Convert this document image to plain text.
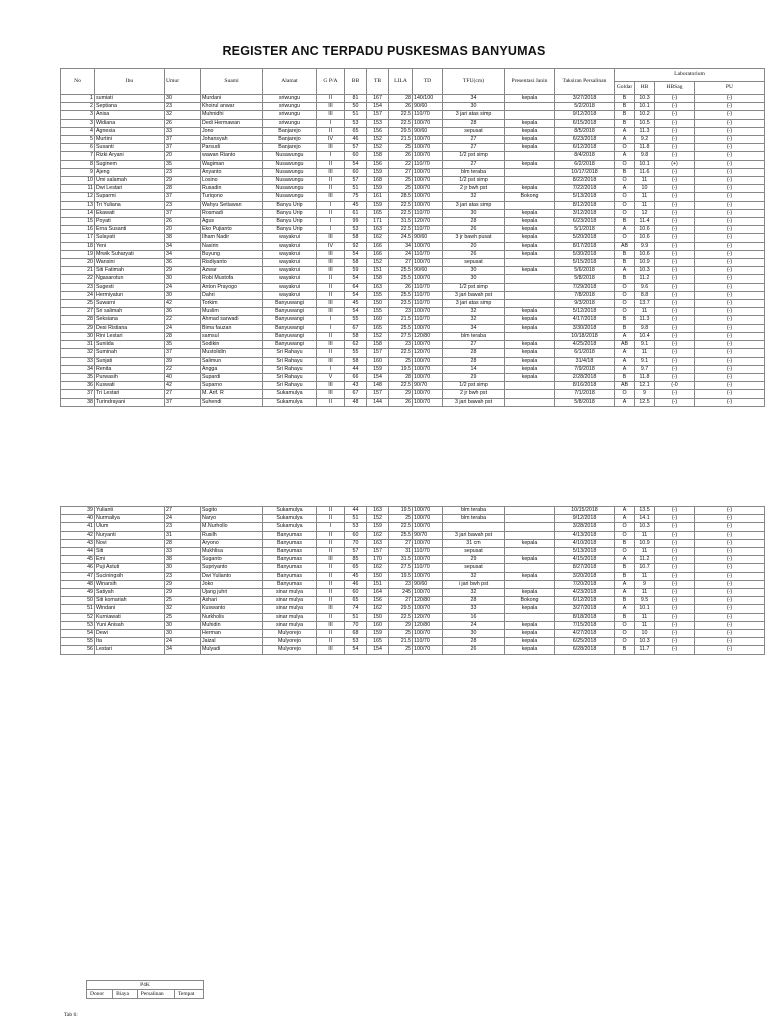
REGISTER ANC TERPADU PUSKESMAS BANYUMAS
No	Ibu	Umur	Suami	Alamat	G P/A	BB	TB	LILA	TD	TFU(cm)	Presentasi Janin	Taksiran Persalinan	Laboratorium			
													Goldar	HB	HBSag	PU
1	sumiati	30	Murdani	sriwungu	II	81	167	28	140/100	34	kepala	3/27/2018	B	10.3	(-)	(-)
2	Septiana	23	Khoirul anwar	sriwungu	III	50	154	26	90/60	30		5/2/2018	B	10.1	(-)	(-)
3	Anisa	32	Muhnidhi	sriwungu	III	51	157	22.5	110/70	3 jari atas simp		9/12/2018	B	10.2	(-)	(-)
3	Widiana	26	Dedi Hermawan	sriwungu	I	53	153	22.5	100/70	28	kepala	6/15/2018	B	10.5	(-)	(-)
4	Agnesia	33	Jono	Banjarejo	II	65	156	29.5	90/60	sepusat	kepala	8/5/2018	A	11.3	(-)	(-)
5	Murtini	37	Johansyah	Banjarejo	IV	46	152	21.5	100/70	27	kepala	6/23/2018	A	9.2	(-)	(-)
6	Susanti	37	Parsudi	Banjarejo	III	57	152	25	100/70	27	kepala	6/12/2018	O	11.8	(-)	(-)
7	Rizki Aryani	20	wawan Rianto	Nusawungu	I	60	158	26	100/70	1/2 pst simp		8/4/2018	A	9.8	(-)	(-)
8	Suginem	35	Wagiman	Nusawungu	II	54	156	22	110/70	27	kepala	6/2/2018	O	10.1	(+)	(-)
9	Ajeng	23	Anyanto	Nusawungu	III	60	159	27	100/70	blm teraba		10/17/2018	B	11.6	(-)	(-)
10	Umi salamah	29	Losino	Nusawungu	II	57	168	25	100/70	1/2 pst simp		8/22/2018	O	11	(-)	(-)
11	Dwi Lestari	28	Rusadin	Nusawungu	II	51	159	25	100/70	2 jr bwh pst	kepala	7/22/2018	A	10	(-)	(-)
12	Suparmi	37	Turiqono	Nusawungu	III	75	161	28.5	100/70	32	Bokong	5/13/2018	O	11	(-)	(-)
13	Tri Yuliana	23	Wahyu Setiawan	Banyu Urip	I	45	159	22.5	100/70	3 jari atas simp		8/12/2018	O	11	(-)	(-)
14	Ekawati	37	Rosmadi	Banyu Urip	II	61	165	22.5	110/70	30	kepala	3/12/2018	O	12	(-)	(-)
15	Poyati	26	Agus	Banyu Urip	I	99	171	31.5	120/70	28	kepala	6/23/2018	B	11.4	(-)	(-)
16	Erna Susanti	20	Eko Pujianto	Banyu Urip	I	53	163	22.5	110/70	26	kepala	5/1/2018	A	10.6	(-)	(-)
17	Sulayati	38	Ilham Nadir	wayakrui	III	58	162	24.5	90/60	3 jr bawh pusat	kepala	5/20/2018	O	10.6	(-)	(-)
18	Yeni	34	Nasirin	wayakrui	IV	92	166	34	100/70	20	kepala	8/17/2018	AB	9.9	(-)	(-)
19	Mrwik Suharyati	34	Buyung	wayakrui	III	54	166	24	110/70	26	kepala	5/30/2018	B	10.6	(-)	(-)
20	Wansini	36	Risdiyanto	wayakrui	III	58	152	27	100/70	sepusat		5/15/2018	B	10.9	(-)	(-)
21	Siti Fatimah	29	Azwar	wayakrui	III	59	151	25.5	90/60	30	kepala	5/6/2018	A	10.3	(-)	(-)
22	Ngasarotun	30	Robi Mustofa	wayakrui	II	54	158	25.5	100/70	30		5/8/2018	B	11.2	(-)	(-)
23	Sugesti	24	Anton Prayogo	wayakrui	II	64	163	26	110/70	1/2 pst simp		7/29/2018	O	9.6	(-)	(-)
24	Hermiyatun	30	Dahri	wayakrui	II	54	155	25.5	110/70	3 jari bawah pst		7/8/2018	O	8.8	(-)	(-)
25	Suwarni	42	Torkim	Banyuwangi	III	45	150	23.5	110/70	3 jari atas simp		9/3/2018	O	13.7	(-)	(-)
27	Sri salimah	36	Muslim	Banyuwangi	III	54	155	23	100/70	32	kepala	5/12/2018	O	11	(-)	(-)
28	Seksiana	22	Ahmad sarwadi	Banyuwangi	I	55	160	21.5	110/70	32	kepala	4/17/2018	B	11.3	(-)	(-)
29	Desi Ristiana	24	Bima fauzan	Banyuwangi	I	67	165	25.5	100/70	34	kepala	3/30/2018	B	9.8	(-)	(-)
30	Rini Lestari	28	samsul	Banyuwangi	II	58	152	27.5	120/80	blm teraba		10/18/2018	A	10.4	(-)	(-)
31	Suniida	35	Sodikin	Banyuwangi	III	62	158	23	100/70	27	kepala	4/25/2018	AB	9.1	(-)	(-)
32	Suminah	37	Mustolidin	Sri Rahayu	II	55	157	22.5	120/70	28	kepala	6/1/2018	A	11	(-)	(-)
33	Sunjati	39	Salimun	Sri Rahayu	III	58	160	25	100/70	28	kepala	31/4/18	A	9.1	(-)	(-)
34	Renita	22	Angga	Sri Rahayu	I	44	159	19.5	100/70	14	kepala	7/9/2018	A	9.7	(-)	(-)
35	Purwasih	40	Supardi	Sri Rahayu	V	66	154	28	100/70	29	kepala	2/28/2018	B	11.8	(-)	(-)
36	Kuswati	42	Suparno	Sri Rahayu	III	43	148	22.5	90/70	1/2 pst simp		8/16/2018	AB	12.1	(-0	(-)
37	Tri Lestari	27	M. Arif. R	Sukamulya	III	67	157	29	100/70	2 jr bwh pst		7/1/2018	O	9	(-)	(-)
38	Turindrayani	37	Suhendi	Sukamulya	II	48	144	26	100/70	3 jari bawah pst		5/8/2018	A	12.5	(-)	(-)
39	Yulianti	27	Sugito	Sukamulya	II	44	163	19.5	100/70	blm teraba		10/15/2018	A	13.5	(-)	(-)
40	Nurmaliya	24	Naryo	Sukamulya	II	51	152	25	100/70	blm teraba		9/12/2018	A	14.1	(-)	(-)
41	Ulum	23	M.Nurhollo	Sukamulya	I	53	159	22.5	100/70			3/28/2018	O	10.3	(-)	(-)
42	Nuryanti	31	Rusilh	Banyumas	II	60	162	25.5	90/70	3 jari bawah pst		4/13/2018	O	11	(-)	(-)
43	Novi	28	Aryono	Banyumas	II	70	163	27	100/70	31 cm	kepala	4/10/2018	B	10.9	(-)	(-)
44	Siti	33	Mukhlisa	Banyumas	II	57	157	31	110/70	sepusat		5/13/2018	O	11	(-)	(-)
45	Emi	38	Suganto	Banyumas	III	85	170	31.5	100/70	29	kepala	4/15/2018	A	11.2	(-)	(-)
46	Puji Astuti	30	Supriyanto	Banyumas	II	65	162	27.5	110/70	sepusat		8/27/2018	B	10.7	(-)	(-)
47	Suciningsih	23	Dwi Yulianto	Banyumas	II	45	150	19.5	100/70	32	kepala	3/20/2018	B	11	(-)	(-)
48	Winarsih	29	Joko	Banyumas	II	46	151	23	90/60	i jari bwh pst		7/20/2018	A	9	(-)	(-)
49	Satiyah	29	Ujang juhri	sinar mulya	II	60	164	245	100/70	32	kepala	4/23/2018	A	11	(-)	(-)
50	Siti komariah	25	Ashari	sinar mulya	II	65	156	27	120/80	28	Bokong	6/12/2018	B	9.5	(-)	(-)
51	Windani	32	Kuswanto	sinar mulya	III	74	162	29.5	100/70	33	kepala	3/27/2018	A	10.1	(-)	(-)
52	Kurniawati	25	Nurkholis	sinar mulya	II	51	150	22.5	120/70	16		8/18/2018	B	11	(-)	(-)
53	Yuni Anisah	30	Muhidin	sinar mulya	III	70	160	29	120/80	24	kepala	7/15/2018	O	11	(-)	(-)
54	Dewi	30	Herman	Mulyorejo	II	68	159	25	100/70	30	kepala	4/27/2018	O	10	(-)	(-)
55	Ita	24	Jaizal	Mulyorejo	II	53	165	21.5	110/70	28	kepala	6/25/2018	O	10.3	(-)	(-)
56	Lestari	34	Mulyadi	Mulyorejo	III	54	154	25	100/70	26	kepala	6/28/2018	B	11.7	(-)	(-)
P4K
Donor	Biaya	Persalinan	Tempat
Tab 6:
